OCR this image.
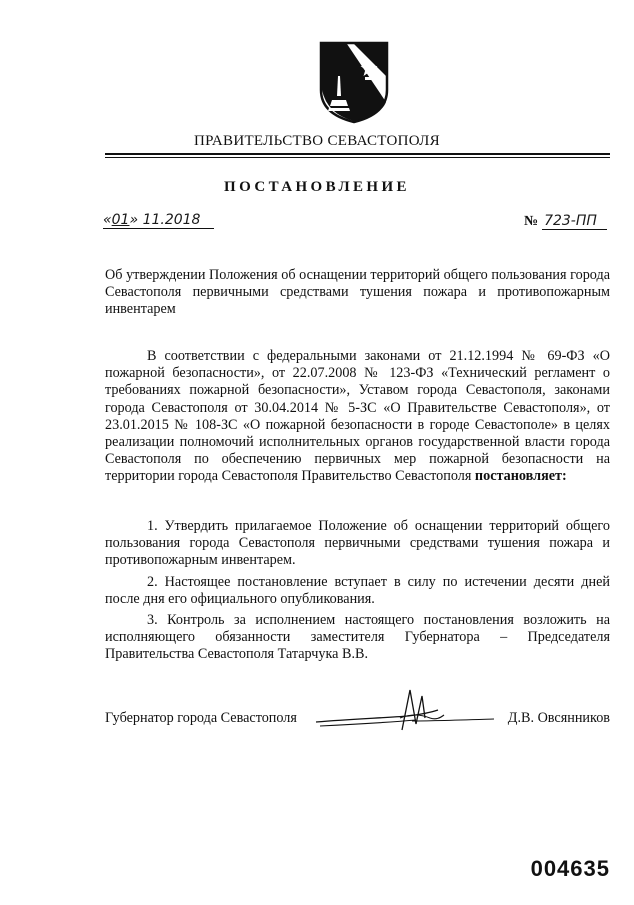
ПРАВИТЕЛЬСТВО СЕВАСТОПОЛЯ
ПОСТАНОВЛЕНИЕ
«01» 11.2018	№ 723-ПП

Об утверждении Положения об оснащении территорий общего пользования города Севастополя первичными средствами тушения пожара и противопожарным инвентарем

В соответствии с федеральными законами от 21.12.1994 № 69-ФЗ «О пожарной безопасности», от 22.07.2008 № 123-ФЗ «Технический регламент о требованиях пожарной безопасности», Уставом города Севастополя, законами города Севастополя от 30.04.2014 № 5-ЗС «О Правительстве Севастополя», от 23.01.2015 № 108-ЗС «О пожарной безопасности в городе Севастополе» в целях реализации полномочий исполнительных органов государственной власти города Севастополя по обеспечению первичных мер пожарной безопасности на территории города Севастополя Правительство Севастополя постановляет:

1. Утвердить прилагаемое Положение об оснащении территорий общего пользования города Севастополя первичными средствами тушения пожара и противопожарным инвентарем.

2. Настоящее постановление вступает в силу по истечении десяти дней после дня его официального опубликования.

3. Контроль за исполнением настоящего постановления возложить на исполняющего обязанности заместителя Губернатора – Председателя Правительства Севастополя Татарчука В.В.

Губернатор города Севастополя	Д.В. Овсянников
004635
